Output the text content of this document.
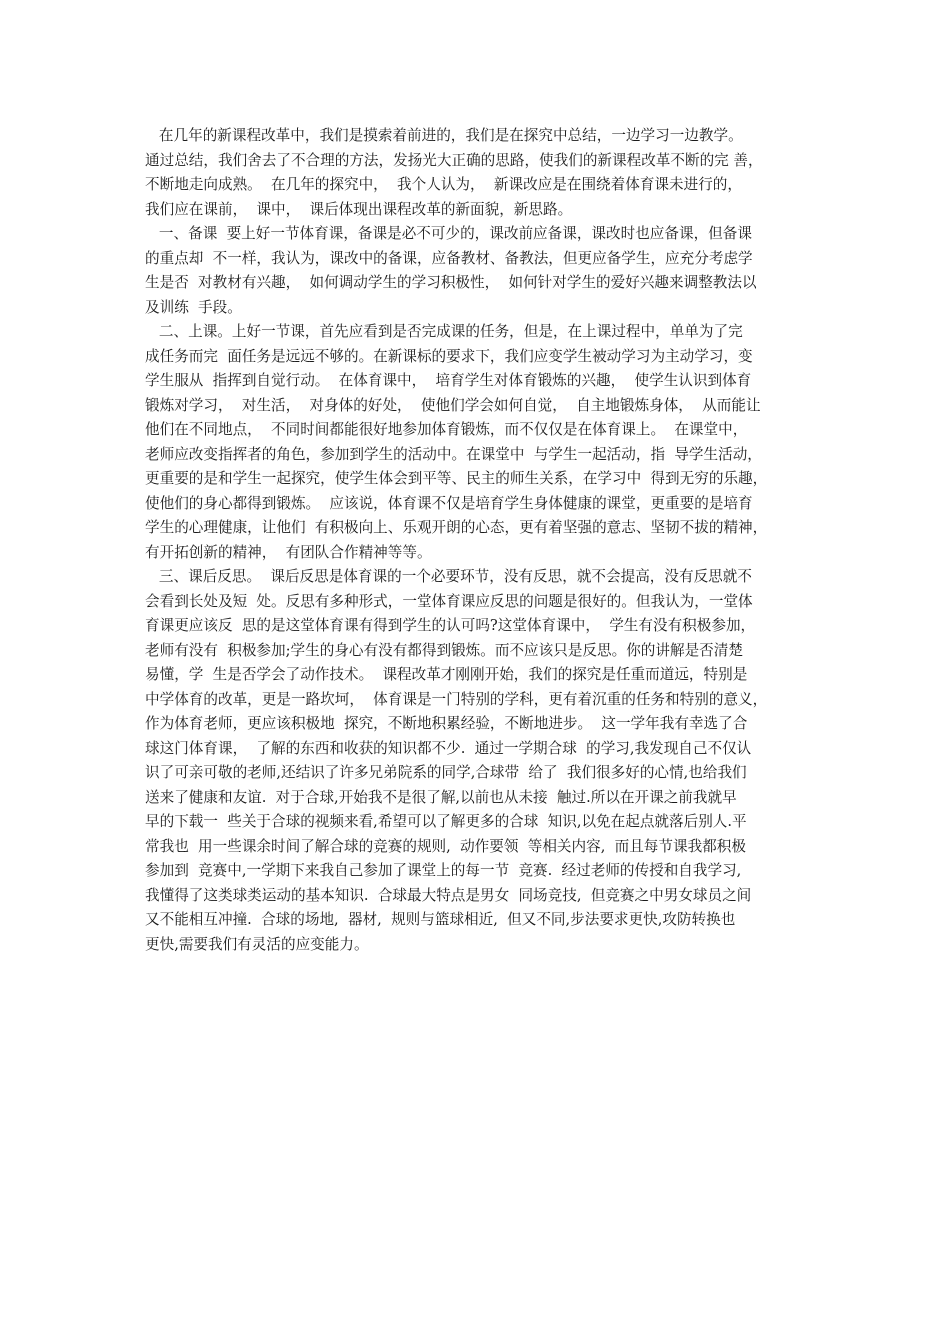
在几年的新课程改革中，我们是摸索着前进的，我们是在探究中总结，一边学习一边教学。
通过总结，我们舍去了不合理的方法，发扬光大正确的思路，使我们的新课程改革不断的完 善，
不断地走向成熟。  在几年的探究中，  我个人认为，  新课改应是在围绕着体育课未进行的，
我们应在课前，  课中，  课后体现出课程改革的新面貌，新思路。
一、备课  要上好一节体育课，备课是必不可少的，课改前应备课，课改时也应备课，但备课
的重点却  不一样，我认为，课改中的备课，应备教材、备教法，但更应备学生，应充分考虑学
生是否  对教材有兴趣，  如何调动学生的学习积极性，  如何针对学生的爱好兴趣来调整教法以
及训练  手段。
二、上课。上好一节课，首先应看到是否完成课的任务，但是，在上课过程中，单单为了完
成任务而完  面任务是远远不够的。在新课标的要求下，我们应变学生被动学习为主动学习，变
学生服从  指挥到自觉行动。  在体育课中，  培育学生对体育锻炼的兴趣，  使学生认识到体育
锻炼对学习，  对生活，  对身体的好处，  使他们学会如何自觉，  自主地锻炼身体，  从而能让
他们在不同地点，  不同时间都能很好地参加体育锻炼，而不仅仅是在体育课上。  在课堂中，
老师应改变指挥者的角色，参加到学生的活动中。在课堂中  与学生一起活动，指  导学生活动，
更重要的是和学生一起探究，使学生体会到平等、民主的师生关系，在学习中  得到无穷的乐趣，
使他们的身心都得到锻炼。  应该说，体育课不仅是培育学生身体健康的课堂，更重要的是培育
学生的心理健康，让他们  有积极向上、乐观开朗的心态，更有着坚强的意志、坚韧不拔的精神，
有开拓创新的精神，  有团队合作精神等等。
三、课后反思。  课后反思是体育课的一个必要环节，没有反思，就不会提高，没有反思就不
会看到长处及短  处。反思有多种形式，一堂体育课应反思的问题是很好的。但我认为，一堂体
育课更应该反  思的是这堂体育课有得到学生的认可吗?这堂体育课中，  学生有没有积极参加，
老师有没有  积极参加;学生的身心有没有都得到锻炼。而不应该只是反思。你的讲解是否清楚
易懂，学  生是否学会了动作技术。  课程改革才刚刚开始，我们的探究是任重而道远，特别是
中学体育的改革，更是一路坎坷，  体育课是一门特别的学科，更有着沉重的任务和特别的意义，
作为体育老师，更应该积极地  探究，不断地积累经验，不断地进步。  这一学年我有幸选了合
球这门体育课，  了解的东西和收获的知识都不少.  通过一学期合球  的学习,我发现自己不仅认
识了可亲可敬的老师,还结识了许多兄弟院系的同学,合球带  给了  我们很多好的心情,也给我们
送来了健康和友谊.  对于合球,开始我不是很了解,以前也从未接  触过.所以在开课之前我就早
早的下载一  些关于合球的视频来看,希望可以了解更多的合球  知识,以免在起点就落后别人.平
常我也  用一些课余时间了解合球的竞赛的规则,  动作要领  等相关内容,  而且每节课我都积极
参加到  竞赛中,一学期下来我自己参加了课堂上的每一节  竞赛.  经过老师的传授和自我学习,
我懂得了这类球类运动的基本知识.  合球最大特点是男女  同场竞技,  但竞赛之中男女球员之间
又不能相互冲撞.  合球的场地,  器材,  规则与篮球相近,  但又不同,步法要求更快,攻防转换也
更快,需要我们有灵活的应变能力。
